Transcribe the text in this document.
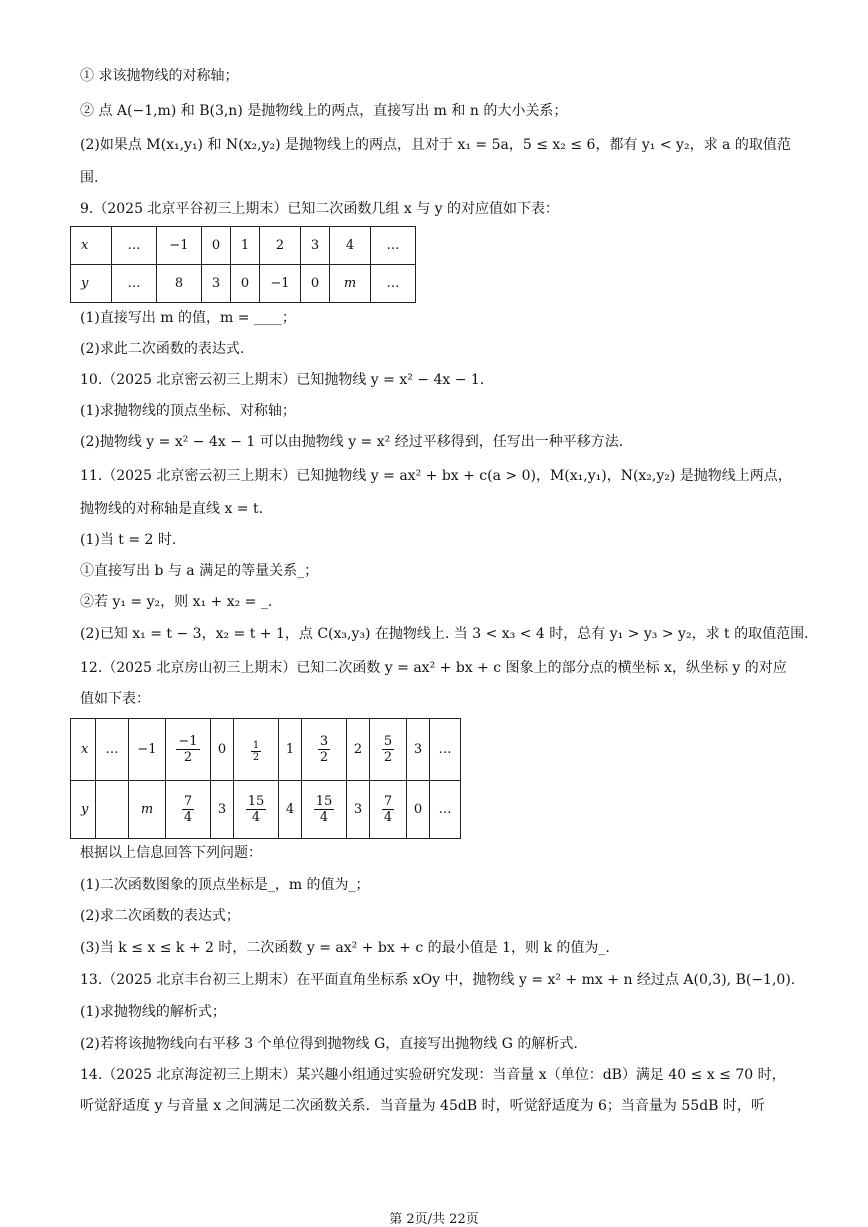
① 求该抛物线的对称轴；
② 点 A(−1,m) 和 B(3,n) 是抛物线上的两点，直接写出 m 和 n 的大小关系；
(2)如果点 M(x₁,y₁) 和 N(x₂,y₂) 是抛物线上的两点，且对于 x₁ = 5a，5 ≤ x₂ ≤ 6，都有 y₁ < y₂，求 a 的取值范
围.
9.（2025 北京平谷初三上期末）已知二次函数几组 x 与 y 的对应值如下表：
x	…	−1	0	1	2	3	4	…
y	…	8	3	0	−1	0	m	…
(1)直接写出 m 的值，m = ____；
(2)求此二次函数的表达式.
10.（2025 北京密云初三上期末）已知抛物线 y = x² − 4x − 1.
(1)求抛物线的顶点坐标、对称轴；
(2)抛物线 y = x² − 4x − 1 可以由抛物线 y = x² 经过平移得到，任写出一种平移方法.
11.（2025 北京密云初三上期末）已知抛物线 y = ax² + bx + c(a > 0)，M(x₁,y₁)，N(x₂,y₂) 是抛物线上两点，
抛物线的对称轴是直线 x = t.
(1)当 t = 2 时.
①直接写出 b 与 a 满足的等量关系_；
②若 y₁ = y₂，则 x₁ + x₂ = _.
(2)已知 x₁ = t − 3，x₂ = t + 1，点 C(x₃,y₃) 在抛物线上. 当 3 < x₃ < 4 时，总有 y₁ > y₃ > y₂，求 t 的取值范围.
12.（2025 北京房山初三上期末）已知二次函数 y = ax² + bx + c 图象上的部分点的横坐标 x，纵坐标 y 的对应
值如下表：
x	…	−1	$\frac{-1}{2}$	0	$\frac{1}{2}$	1	$\frac{3}{2}$	2	$\frac{5}{2}$	3	…
y		m	$\frac{7}{4}$	3	$\frac{15}{4}$	4	$\frac{15}{4}$	3	$\frac{7}{4}$	0	…
根据以上信息回答下列问题：
(1)二次函数图象的顶点坐标是_，m 的值为_；
(2)求二次函数的表达式；
(3)当 k ≤ x ≤ k + 2 时，二次函数 y = ax² + bx + c 的最小值是 1，则 k 的值为_.
13.（2025 北京丰台初三上期末）在平面直角坐标系 xOy 中，抛物线 y = x² + mx + n 经过点 A(0,3), B(−1,0).
(1)求抛物线的解析式；
(2)若将该抛物线向右平移 3 个单位得到抛物线 G，直接写出抛物线 G 的解析式.
14.（2025 北京海淀初三上期末）某兴趣小组通过实验研究发现：当音量 x（单位：dB）满足 40 ≤ x ≤ 70 时，
听觉舒适度 y 与音量 x 之间满足二次函数关系．当音量为 45dB 时，听觉舒适度为 6；当音量为 55dB 时，听
第 2页/共 22页
